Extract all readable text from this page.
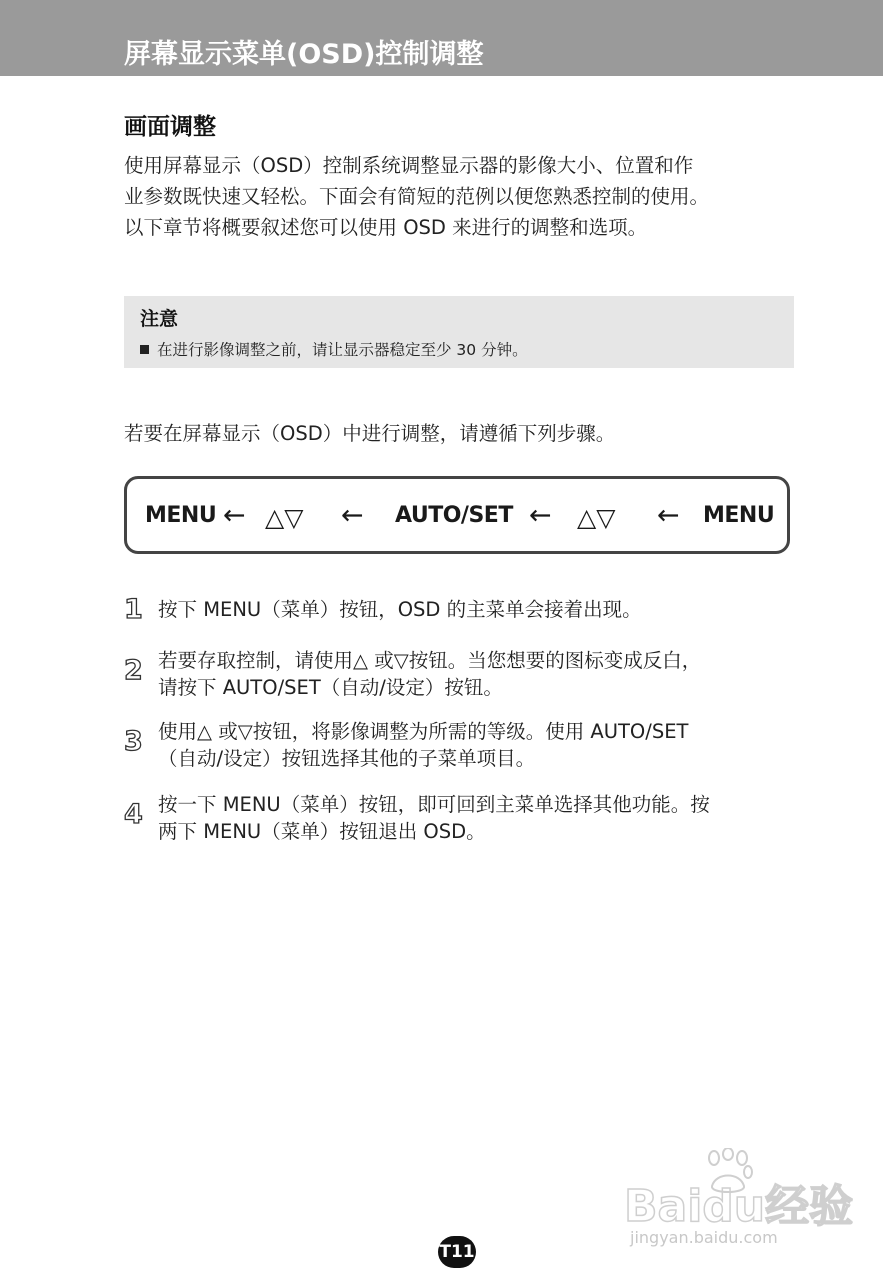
屏幕显示菜单(OSD)控制调整
画面调整
使用屏幕显示（OSD）控制系统调整显示器的影像大小、位置和作
业参数既快速又轻松。下面会有简短的范例以便您熟悉控制的使用。
以下章节将概要叙述您可以使用 OSD 来进行的调整和选项。
注意
在进行影像调整之前，请让显示器稳定至少 30 分钟。
若要在屏幕显示（OSD）中进行调整，请遵循下列步骤。
MENU ← △▽ ← AUTO/SET ← △▽ ← MENU
1 按下 MENU（菜单）按钮，OSD 的主菜单会接着出现。
2 若要存取控制，请使用△ 或▽按钮。当您想要的图标变成反白，
请按下 AUTO/SET（自动/设定）按钮。
3 使用△ 或▽按钮，将影像调整为所需的等级。使用 AUTO/SET
（自动/设定）按钮选择其他的子菜单项目。
4 按一下 MENU（菜单）按钮，即可回到主菜单选择其他功能。按
两下 MENU（菜单）按钮退出 OSD。
Baidu经验
jingyan.baidu.com
T11
